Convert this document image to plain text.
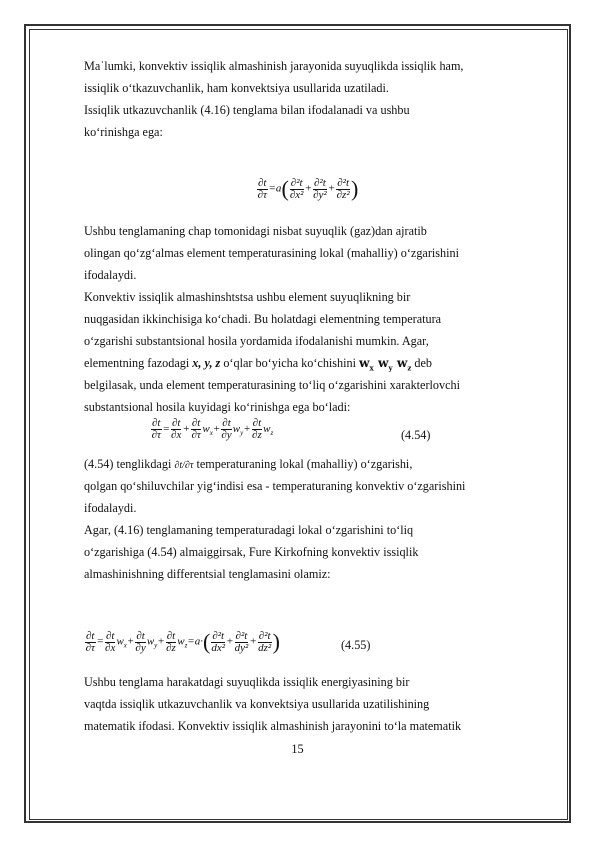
Maˈlumki, konvektiv issiqlik almashinish jarayonida suyuqlikda issiqlik ham,
issiqlik o‘tkazuvchanlik, ham konvektsiya usullarida uzatiladi.
Issiqlik utkazuvchanlik (4.16) tenglama bilan ifodalanadi va ushbu
ko‘rinishga ega:
$\frac{\partial t}{\partial\tau} =a( \frac{\text{∂²t}}{\text{∂x²}} + \frac{\text{∂²t}}{\text{∂y²}} + \frac{\text{∂²t}}{\text{∂z²}}$ )
Ushbu tenglamaning chap tomonidagi nisbat suyuqlik (gaz)dan ajratib
olingan qo‘zg‘almas element temperaturasining lokal (mahalliy) o‘zgarishini
ifodalaydi.
Konvektiv issiqlik almashinshtstsa ushbu element suyuqlikning bir
nuqgasidan ikkinchisiga ko‘chadi. Bu holatdagi elementning temperatura
o‘zgarishi substantsional hosila yordamida ifodalanishi mumkin. Agar,
elementning fazodagi x, y, z o‘qlar bo‘yicha ko‘chishini $w_x$ $w_y$ $w_z$ deb
belgilasak, unda element temperaturasining to‘liq o‘zgarishini xarakterlovchi
substantsional hosila kuyidagi ko‘rinishga ega bo‘ladi:
$\frac{\partial t}{\partial\tau} = \frac{\partial t}{\partial x} + \frac{\partial t}{\partial\tau} w_x+ \frac{\partial t}{\partial y} w_y+ \frac{\partial t}{\partial z} w_z$	(4.54)
(4.54) tenglikdagi ∂t/∂τ temperaturaning lokal (mahalliy) o‘zgarishi,
qolgan qo‘shiluvchilar yig‘indisi esa - temperaturaning konvektiv o‘zgarishini
ifodalaydi.
Agar, (4.16) tenglamaning temperaturadagi lokal o‘zgarishini to‘liq
o‘zgarishiga (4.54) almaiggirsak, Fure Kirkofning konvektiv issiqlik
almashinishning differentsial tenglamasini olamiz:
$\frac{\partial t}{\partial\tau} = \frac{\partial t}{\partial x} w_x+ \frac{\partial t}{\partial y} w_y+ \frac{\partial t}{\partial z} w_z=a\cdot( \frac{\text{∂²t}}{\text{dx²}} + \frac{\text{∂²t}}{\text{dy²}} + \frac{\text{∂²t}}{\text{dz²}}$ )	(4.55)
Ushbu tenglama harakatdagi suyuqlikda issiqlik energiyasining bir
vaqtda issiqlik utkazuvchanlik va konvektsiya usullarida uzatilishining
matematik ifodasi. Konvektiv issiqlik almashinish jarayonini to‘la matematik
15
